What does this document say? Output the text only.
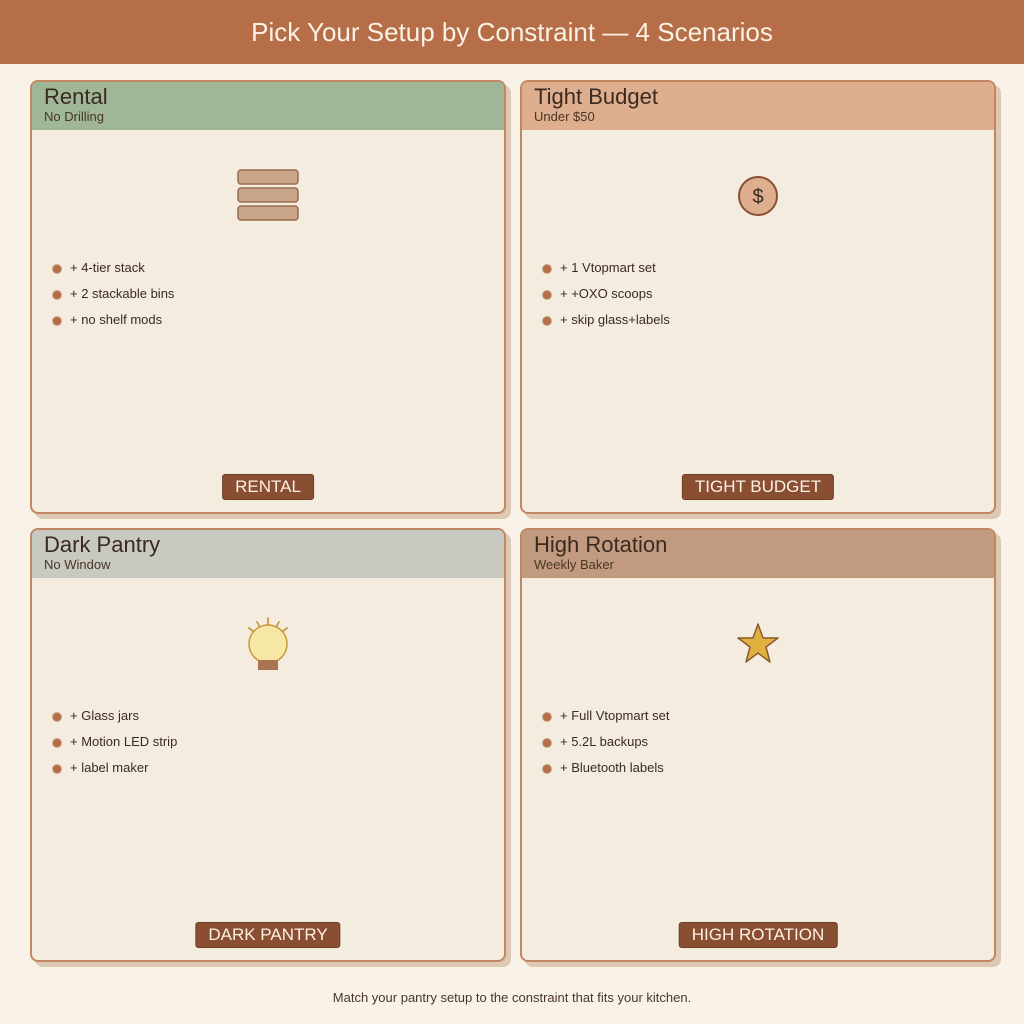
Pick Your Setup by Constraint — 4 Scenarios
Rental
No Drilling
+ 4-tier stack
+ 2 stackable bins
+ no shelf mods
RENTAL
Tight Budget
Under $50
$
+ 1 Vtopmart set
+ +OXO scoops
+ skip glass+labels
TIGHT BUDGET
Dark Pantry
No Window
+ Glass jars
+ Motion LED strip
+ label maker
DARK PANTRY
High Rotation
Weekly Baker
+ Full Vtopmart set
+ 5.2L backups
+ Bluetooth labels
HIGH ROTATION
Match your pantry setup to the constraint that fits your kitchen.
